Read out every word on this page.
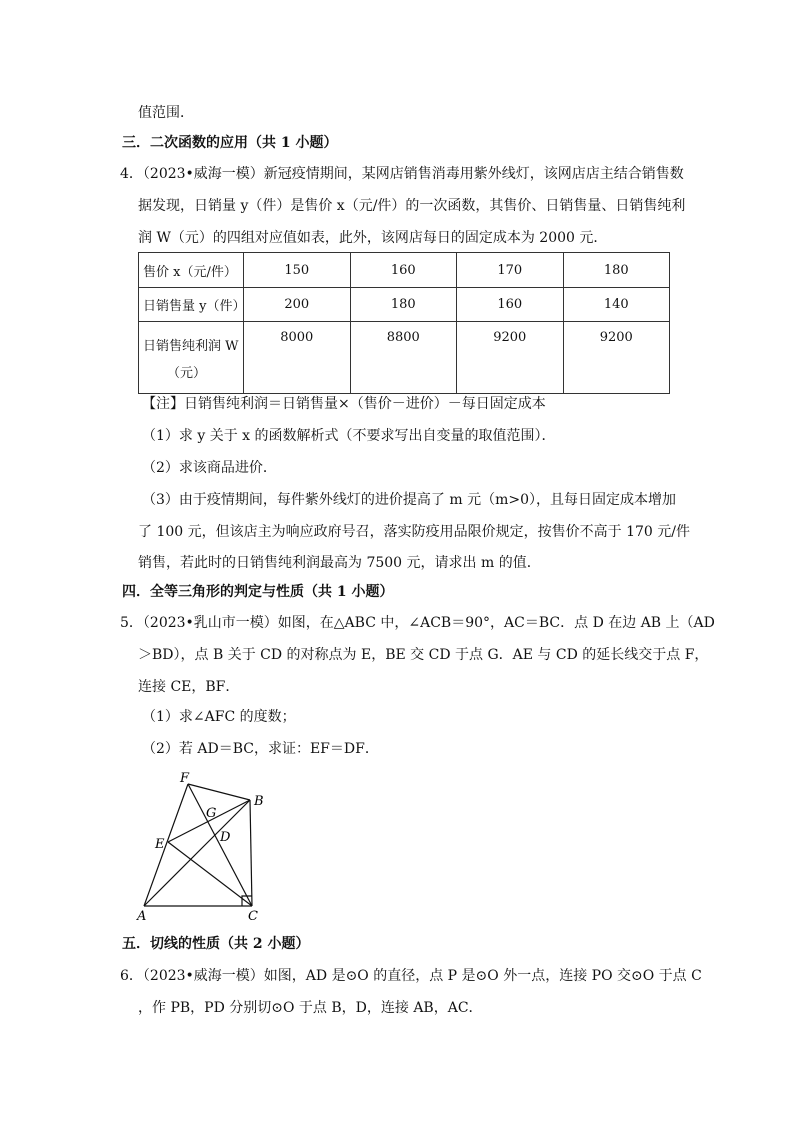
值范围．
三．二次函数的应用（共 1 小题）
4．（2023•威海一模）新冠疫情期间，某网店销售消毒用紫外线灯，该网店店主结合销售数
据发现，日销量 y（件）是售价 x（元/件）的一次函数，其售价、日销售量、日销售纯利
润 W（元）的四组对应值如表，此外，该网店每日的固定成本为 2000 元．
售价 x（元/件）	150	160	170	180
日销售量 y（件）	200	180	160	140

日销售纯利润 W
（元）	8000	8800	9200	9200
【注】日销售纯利润＝日销售量×（售价－进价）－每日固定成本
（1）求 y 关于 x 的函数解析式（不要求写出自变量的取值范围）．
（2）求该商品进价．
（3）由于疫情期间，每件紫外线灯的进价提高了 m 元（m>0），且每日固定成本增加
了 100 元，但该店主为响应政府号召，落实防疫用品限价规定，按售价不高于 170 元/件
销售，若此时的日销售纯利润最高为 7500 元，请求出 m 的值．
四．全等三角形的判定与性质（共 1 小题）
5．（2023•乳山市一模）如图，在△ABC 中，∠ACB＝90°，AC＝BC．点 D 在边 AB 上（AD
＞BD），点 B 关于 CD 的对称点为 E，BE 交 CD 于点 G．AE 与 CD 的延长线交于点 F，
连接 CE，BF．
（1）求∠AFC 的度数；
（2）若 AD＝BC，求证：EF＝DF．
F
B
G
D
E
A	C
五．切线的性质（共 2 小题）
6．（2023•威海一模）如图，AD 是⊙O 的直径，点 P 是⊙O 外一点，连接 PO 交⊙O 于点 C
，作 PB，PD 分别切⊙O 于点 B，D，连接 AB，AC．
